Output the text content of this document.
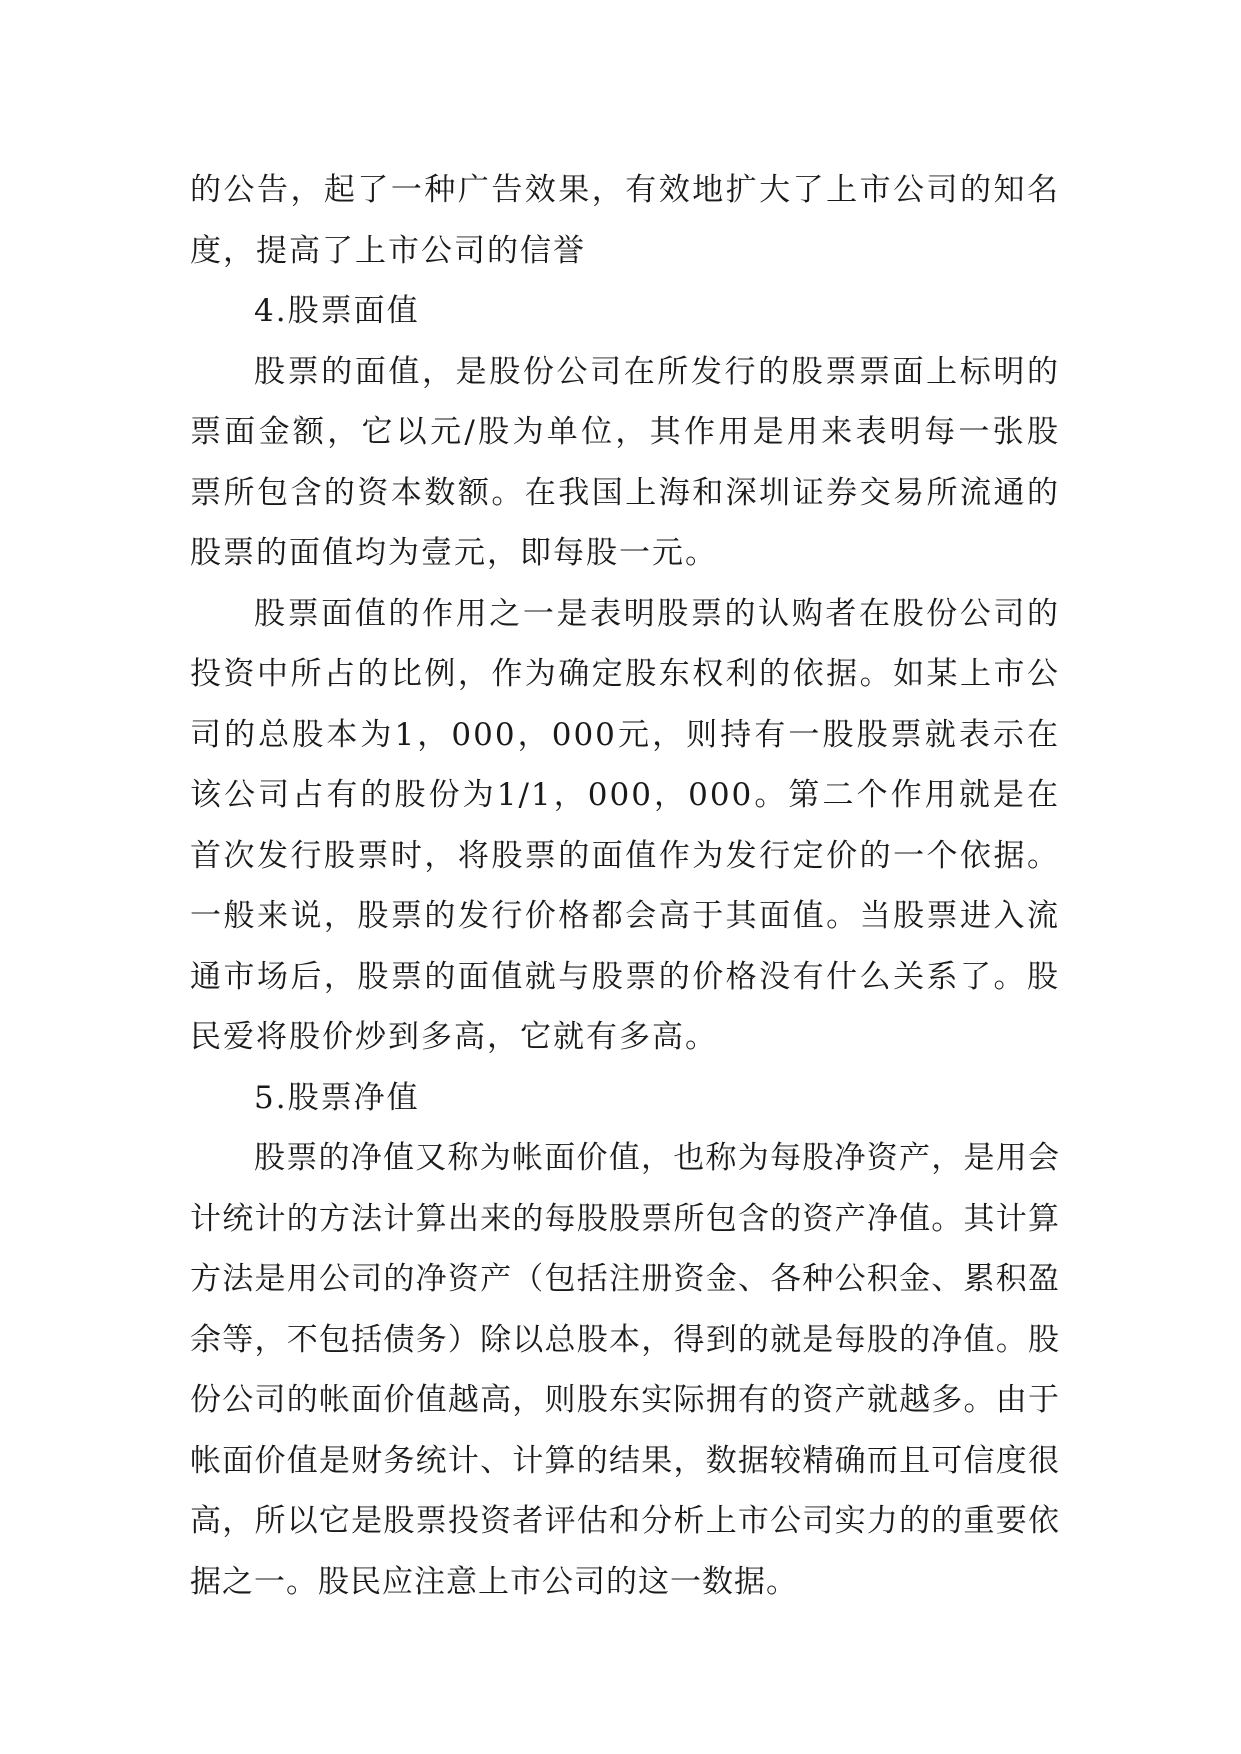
的公告，起了一种广告效果，有效地扩大了上市公司的知名度，提高了上市公司的信誉

4.股票面值

股票的面值，是股份公司在所发行的股票票面上标明的票面金额，它以元/股为单位，其作用是用来表明每一张股票所包含的资本数额。在我国上海和深圳证券交易所流通的股票的面值均为壹元，即每股一元。

股票面值的作用之一是表明股票的认购者在股份公司的投资中所占的比例，作为确定股东权利的依据。如某上市公司的总股本为1，000，000元，则持有一股股票就表示在该公司占有的股份为1/1，000，000。第二个作用就是在首次发行股票时，将股票的面值作为发行定价的一个依据。一般来说，股票的发行价格都会高于其面值。当股票进入流通市场后，股票的面值就与股票的价格没有什么关系了。股民爱将股价炒到多高，它就有多高。

5.股票净值

股票的净值又称为帐面价值，也称为每股净资产，是用会计统计的方法计算出来的每股股票所包含的资产净值。其计算方法是用公司的净资产（包括注册资金、各种公积金、累积盈余等，不包括债务）除以总股本，得到的就是每股的净值。股份公司的帐面价值越高，则股东实际拥有的资产就越多。由于帐面价值是财务统计、计算的结果，数据较精确而且可信度很高，所以它是股票投资者评估和分析上市公司实力的的重要依据之一。股民应注意上市公司的这一数据。
